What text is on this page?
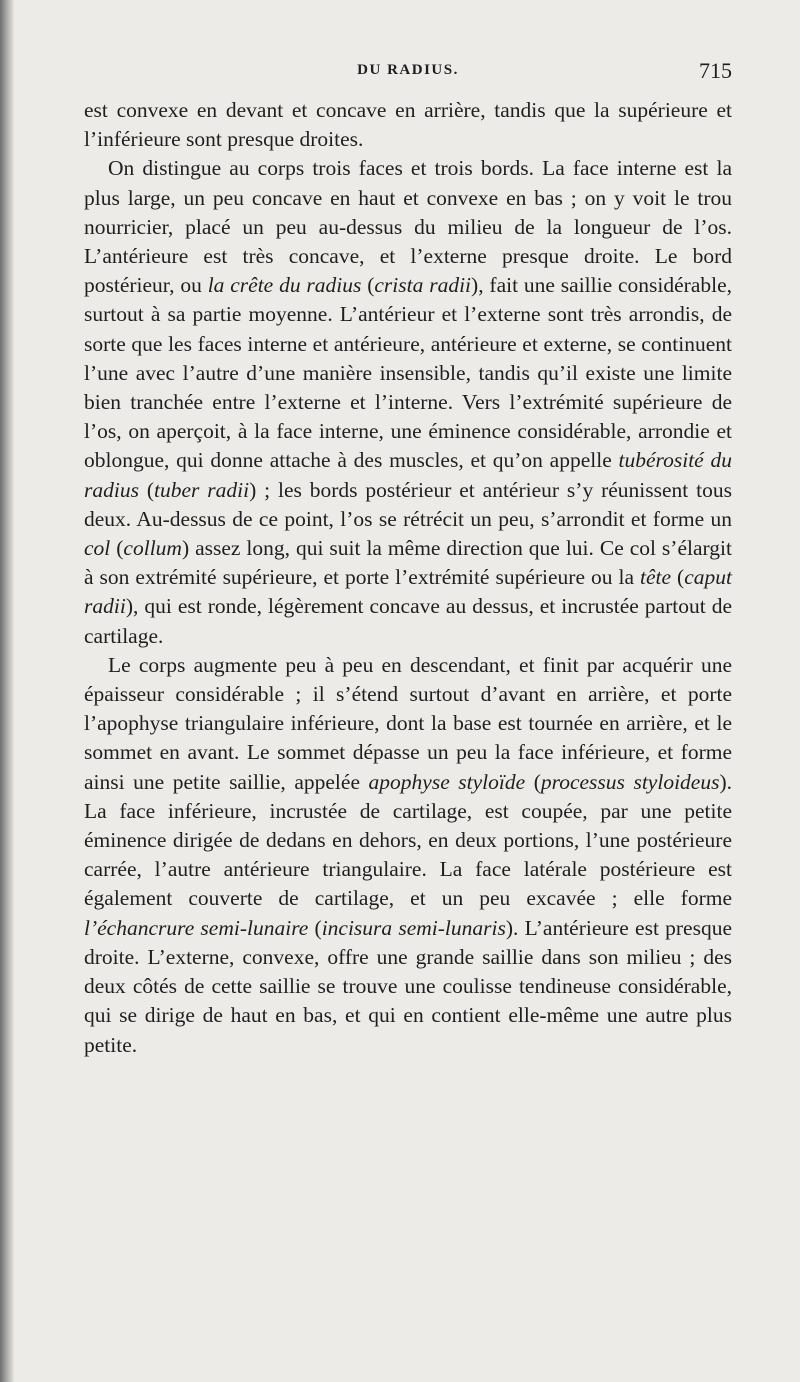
DU RADIUS.	715

est convexe en devant et concave en arrière, tandis que la supérieure et l’inférieure sont presque droites.

On distingue au corps trois faces et trois bords. La face interne est la plus large, un peu concave en haut et convexe en bas ; on y voit le trou nourricier, placé un peu au-dessus du milieu de la longueur de l’os. L’antérieure est très concave, et l’externe presque droite. Le bord postérieur, ou la crête du radius (crista radii), fait une saillie considérable, surtout à sa partie moyenne. L’antérieur et l’externe sont très arrondis, de sorte que les faces interne et antérieure, antérieure et externe, se continuent l’une avec l’autre d’une manière insensible, tandis qu’il existe une limite bien tranchée entre l’externe et l’interne. Vers l’extrémité supérieure de l’os, on aperçoit, à la face interne, une éminence considérable, arrondie et oblongue, qui donne attache à des muscles, et qu’on appelle tubérosité du radius (tuber radii) ; les bords postérieur et antérieur s’y réunissent tous deux. Au-dessus de ce point, l’os se rétrécit un peu, s’arrondit et forme un col (collum) assez long, qui suit la même direction que lui. Ce col s’élargit à son extrémité supérieure, et porte l’extrémité supérieure ou la tête (caput radii), qui est ronde, légèrement concave au dessus, et incrustée partout de cartilage.

Le corps augmente peu à peu en descendant, et finit par acquérir une épaisseur considérable ; il s’étend surtout d’avant en arrière, et porte l’apophyse triangulaire inférieure, dont la base est tournée en arrière, et le sommet en avant. Le sommet dépasse un peu la face inférieure, et forme ainsi une petite saillie, appelée apophyse styloïde (processus styloideus). La face inférieure, incrustée de cartilage, est coupée, par une petite éminence dirigée de dedans en dehors, en deux portions, l’une postérieure carrée, l’autre antérieure triangulaire. La face latérale postérieure est également couverte de cartilage, et un peu excavée ; elle forme l’échancrure semi-lunaire (incisura semi-lunaris). L’antérieure est presque droite. L’externe, convexe, offre une grande saillie dans son milieu ; des deux côtés de cette saillie se trouve une coulisse tendineuse considérable, qui se dirige de haut en bas, et qui en contient elle-même une autre plus petite.
